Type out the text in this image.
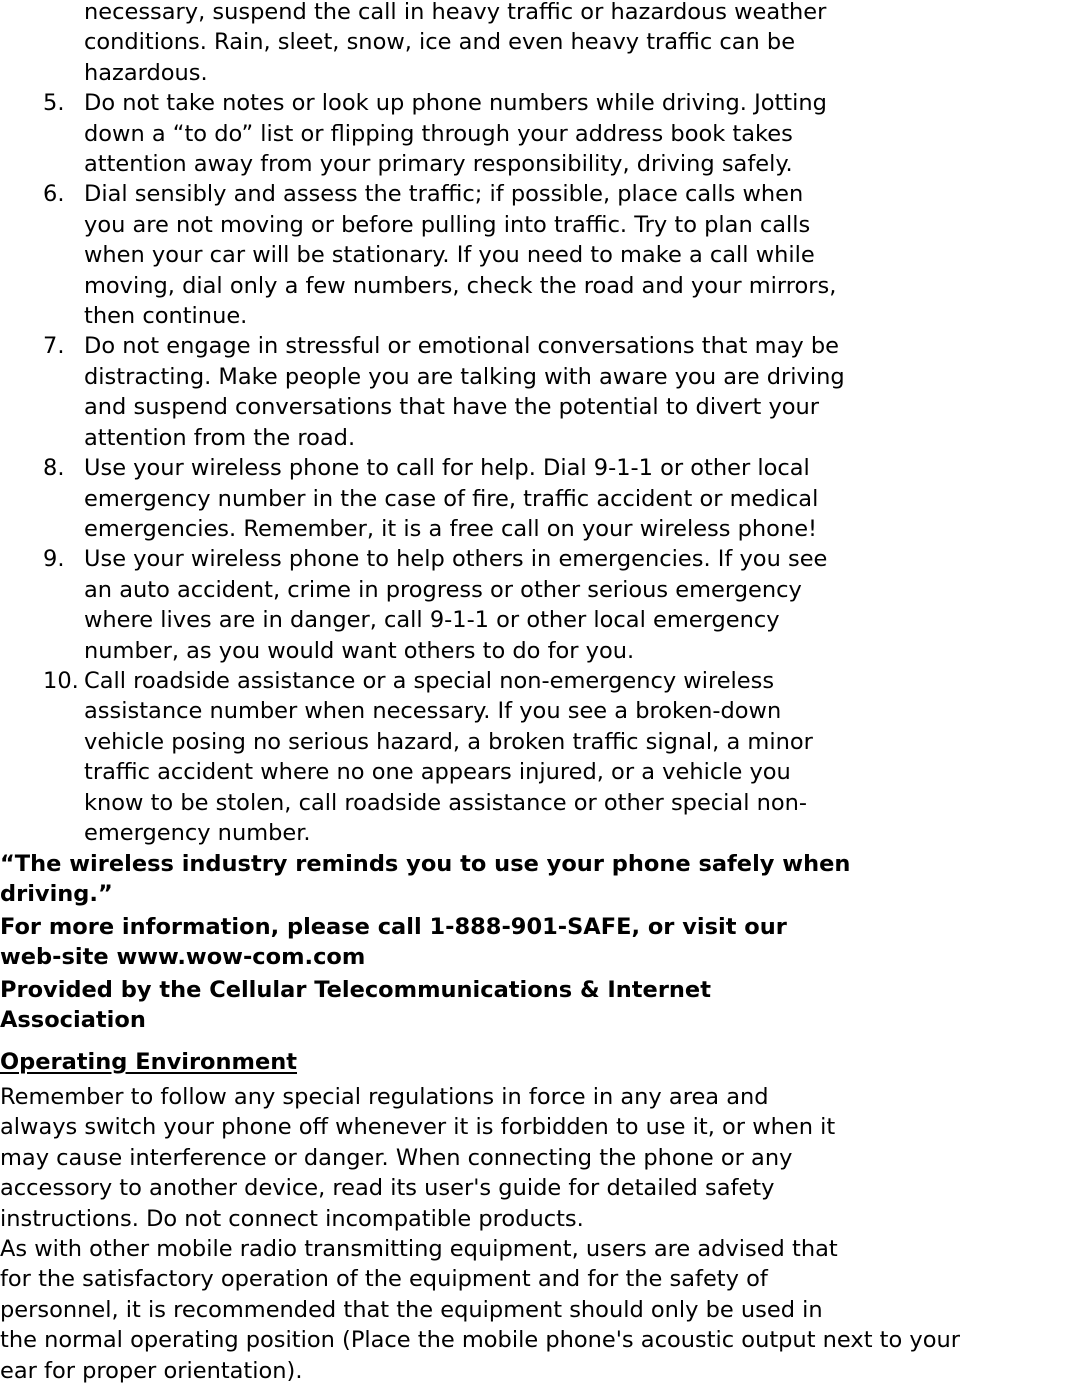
necessary, suspend the call in heavy traffic or hazardous weather
conditions. Rain, sleet, snow, ice and even heavy traffic can be
hazardous.
5. Do not take notes or look up phone numbers while driving. Jotting
down a “to do” list or flipping through your address book takes
attention away from your primary responsibility, driving safely.
6. Dial sensibly and assess the traffic; if possible, place calls when
you are not moving or before pulling into traffic. Try to plan calls
when your car will be stationary. If you need to make a call while
moving, dial only a few numbers, check the road and your mirrors,
then continue.
7. Do not engage in stressful or emotional conversations that may be
distracting. Make people you are talking with aware you are driving
and suspend conversations that have the potential to divert your
attention from the road.
8. Use your wireless phone to call for help. Dial 9-1-1 or other local
emergency number in the case of fire, traffic accident or medical
emergencies. Remember, it is a free call on your wireless phone!
9. Use your wireless phone to help others in emergencies. If you see
an auto accident, crime in progress or other serious emergency
where lives are in danger, call 9-1-1 or other local emergency
number, as you would want others to do for you.
10. Call roadside assistance or a special non-emergency wireless
assistance number when necessary. If you see a broken-down
vehicle posing no serious hazard, a broken traffic signal, a minor
traffic accident where no one appears injured, or a vehicle you
know to be stolen, call roadside assistance or other special non-
emergency number.

“The wireless industry reminds you to use your phone safely when
driving.”

For more information, please call 1-888-901-SAFE, or visit our
web-site www.wow-com.com

Provided by the Cellular Telecommunications & Internet
Association

Operating Environment

Remember to follow any special regulations in force in any area and
always switch your phone off whenever it is forbidden to use it, or when it
may cause interference or danger. When connecting the phone or any
accessory to another device, read its user's guide for detailed safety
instructions. Do not connect incompatible products.

As with other mobile radio transmitting equipment, users are advised that
for the satisfactory operation of the equipment and for the safety of
personnel, it is recommended that the equipment should only be used in
the normal operating position (Place the mobile phone's acoustic output next to your
ear for proper orientation).
